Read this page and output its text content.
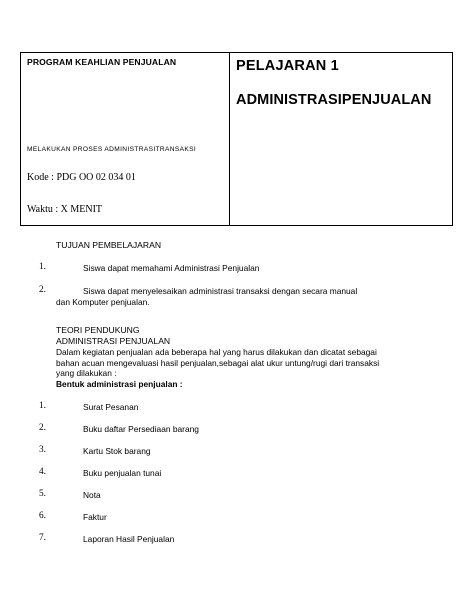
PROGRAM KEAHLIAN PENJUALAN
MELAKUKAN PROSES ADMINISTRASITRANSAKSI
Kode : PDG OO 02 034 01
Waktu : X MENIT
PELAJARAN 1
ADMINISTRASIPENJUALAN
TUJUAN PEMBELAJARAN
1.	Siswa dapat memahami Administrasi Penjualan
2.	Siswa dapat menyelesaikan administrasi transaksi dengan secara manual
dan Komputer penjualan.
TEORI PENDUKUNG
ADMINISTRASI PENJUALAN
Dalam kegiatan penjualan ada beberapa hal yang harus dilakukan dan dicatat sebagai
bahan acuan mengevaluasi hasil penjualan,sebagai alat ukur untung/rugi dari transaksi
yang dilakukan :
Bentuk administrasi penjualan :
1.	Surat Pesanan
2.	Buku daftar Persediaan barang
3.	Kartu Stok barang
4.	Buku penjualan tunai
5.	Nota
6.	Faktur
7.	Laporan Hasil Penjualan
